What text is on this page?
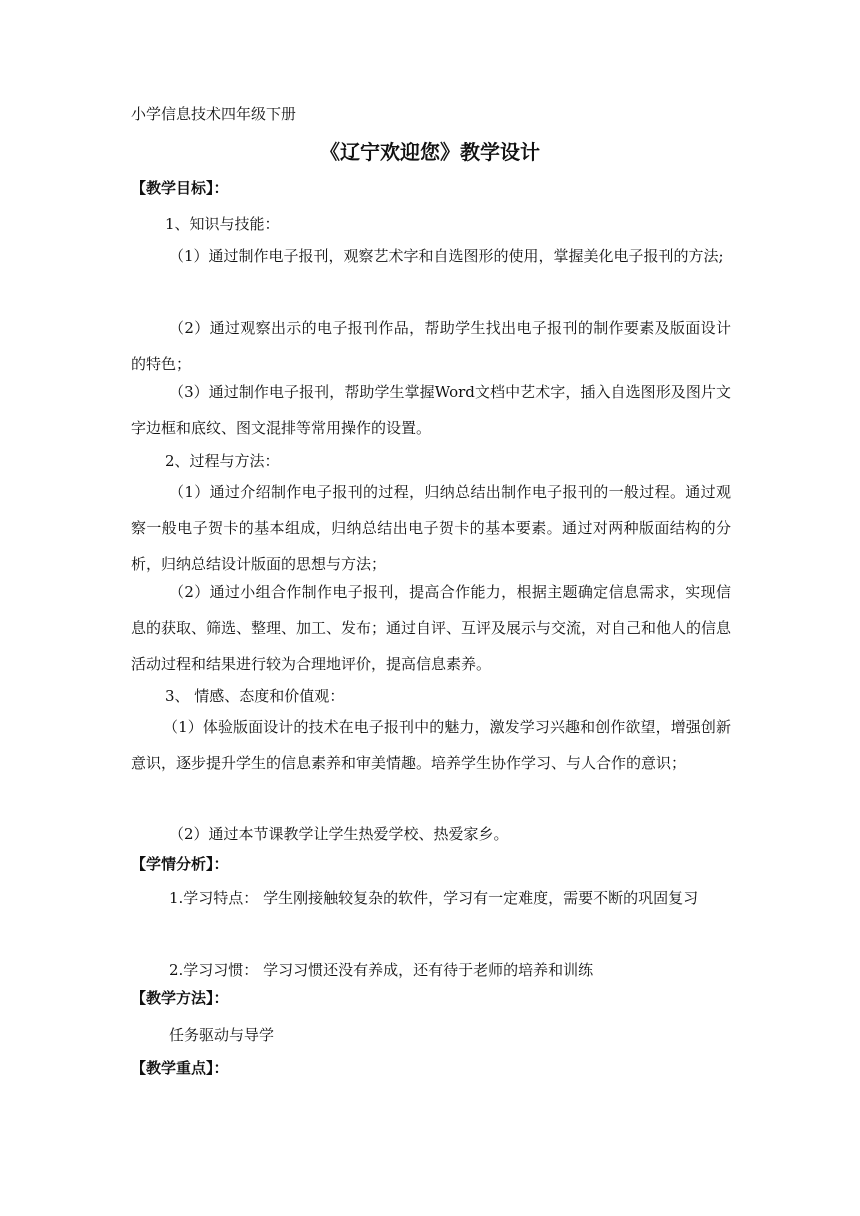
小学信息技术四年级下册
《辽宁欢迎您》教学设计
【教学目标】：
1、知识与技能：
（1）通过制作电子报刊，观察艺术字和自选图形的使用，掌握美化电子报刊的方法;
（2）通过观察出示的电子报刊作品，帮助学生找出电子报刊的制作要素及版面设计的特色；
（3）通过制作电子报刊，帮助学生掌握Word文档中艺术字，插入自选图形及图片文字边框和底纹、图文混排等常用操作的设置。
2、过程与方法：
（1）通过介绍制作电子报刊的过程，归纳总结出制作电子报刊的一般过程。通过观察一般电子贺卡的基本组成，归纳总结出电子贺卡的基本要素。通过对两种版面结构的分析，归纳总结设计版面的思想与方法；
（2）通过小组合作制作电子报刊，提高合作能力，根据主题确定信息需求，实现信息的获取、筛选、整理、加工、发布；通过自评、互评及展示与交流，对自己和他人的信息活动过程和结果进行较为合理地评价，提高信息素养。
3、 情感、态度和价值观：
（1）体验版面设计的技术在电子报刊中的魅力，激发学习兴趣和创作欲望，增强创新意识，逐步提升学生的信息素养和审美情趣。培养学生协作学习、与人合作的意识；
（2）通过本节课教学让学生热爱学校、热爱家乡。
【学情分析】：
1.学习特点： 学生刚接触较复杂的软件，学习有一定难度，需要不断的巩固复习
2.学习习惯： 学习习惯还没有养成，还有待于老师的培养和训练
【教学方法】：
任务驱动与导学
【教学重点】：
